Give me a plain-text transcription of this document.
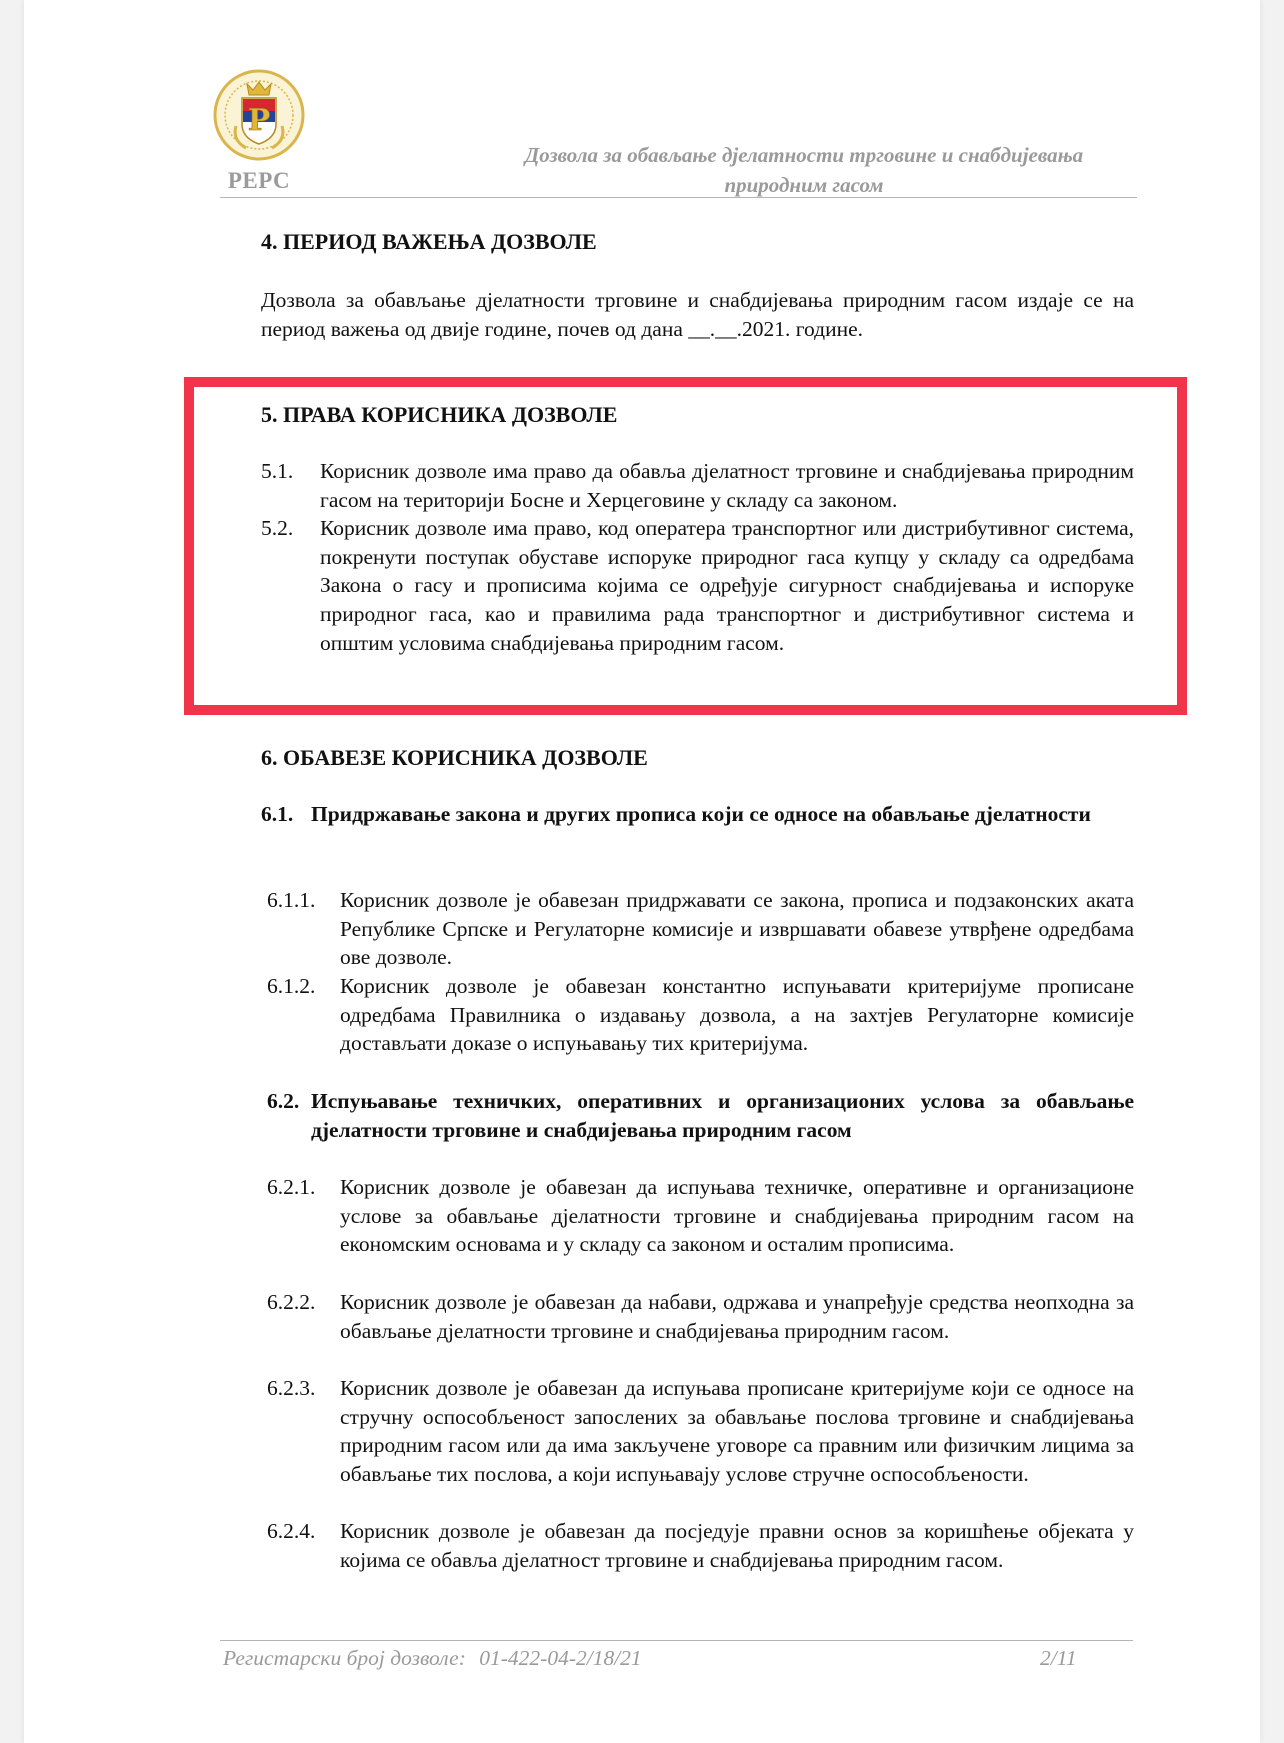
Р
РЕРС
Дозвола за обављање дјелатности трговине и снабдијевања
природним гасом
4. ПЕРИОД ВАЖЕЊА ДОЗВОЛЕ
Дозвола за обављање дјелатности трговине и снабдијевања природним гасом издаје се на период важења од двије године, почев од дана __.__.2021. године.
5. ПРАВА КОРИСНИКА ДОЗВОЛЕ
5.1.	Корисник дозволе има право да обавља дјелатност трговине и снабдијевања природним гасом на територији Босне и Херцеговине у складу са законом.
5.2.	Корисник дозволе има право, код оператера транспортног или дистрибутивног система, покренути поступак обуставе испоруке природног гаса купцу у складу са одредбама Закона о гасу и прописима којима се одређује сигурност снабдијевања и испоруке природног гаса, као и правилима рада транспортног и дистрибутивног система и општим условима снабдијевања природним гасом.
6. ОБАВЕЗЕ КОРИСНИКА ДОЗВОЛЕ
6.1. Придржавање закона и других прописа који се односе на обављање дјелатности
6.1.1.	Корисник дозволе је обавезан придржавати се закона, прописа и подзаконских аката Републике Српске и Регулаторне комисије и извршавати обавезе утврђене одредбама ове дозволе.
6.1.2.	Корисник дозволе је обавезан константно испуњавати критеријуме прописане одредбама Правилника о издавању дозвола, а на захтјев Регулаторне комисије достављати доказе о испуњавању тих критеријума.
6.2. Испуњавање техничких, оперативних и организационих услова за обављање дјелатности трговине и снабдијевања природним гасом
6.2.1.	Корисник дозволе је обавезан да испуњава техничке, оперативне и организационе услове за обављање дјелатности трговине и снабдијевања природним гасом на економским основама и у складу са законом и осталим прописима.
6.2.2.	Корисник дозволе је обавезан да набави, одржава и унапређује средства неопходна за обављање дјелатности трговине и снабдијевања природним гасом.
6.2.3.	Корисник дозволе је обавезан да испуњава прописане критеријуме који се односе на стручну оспособљеност запослених за обављање послова трговине и снабдијевања природним гасом или да има закључене уговоре са правним или физичким лицима за обављање тих послова, а који испуњавају услове стручне оспособљености.
6.2.4.	Корисник дозволе је обавезан да посједује правни основ за коришћење објеката у којима се обавља дјелатност трговине и снабдијевања природним гасом.
Регистарски број дозволе: 01-422-04-2/18/21	2/11
